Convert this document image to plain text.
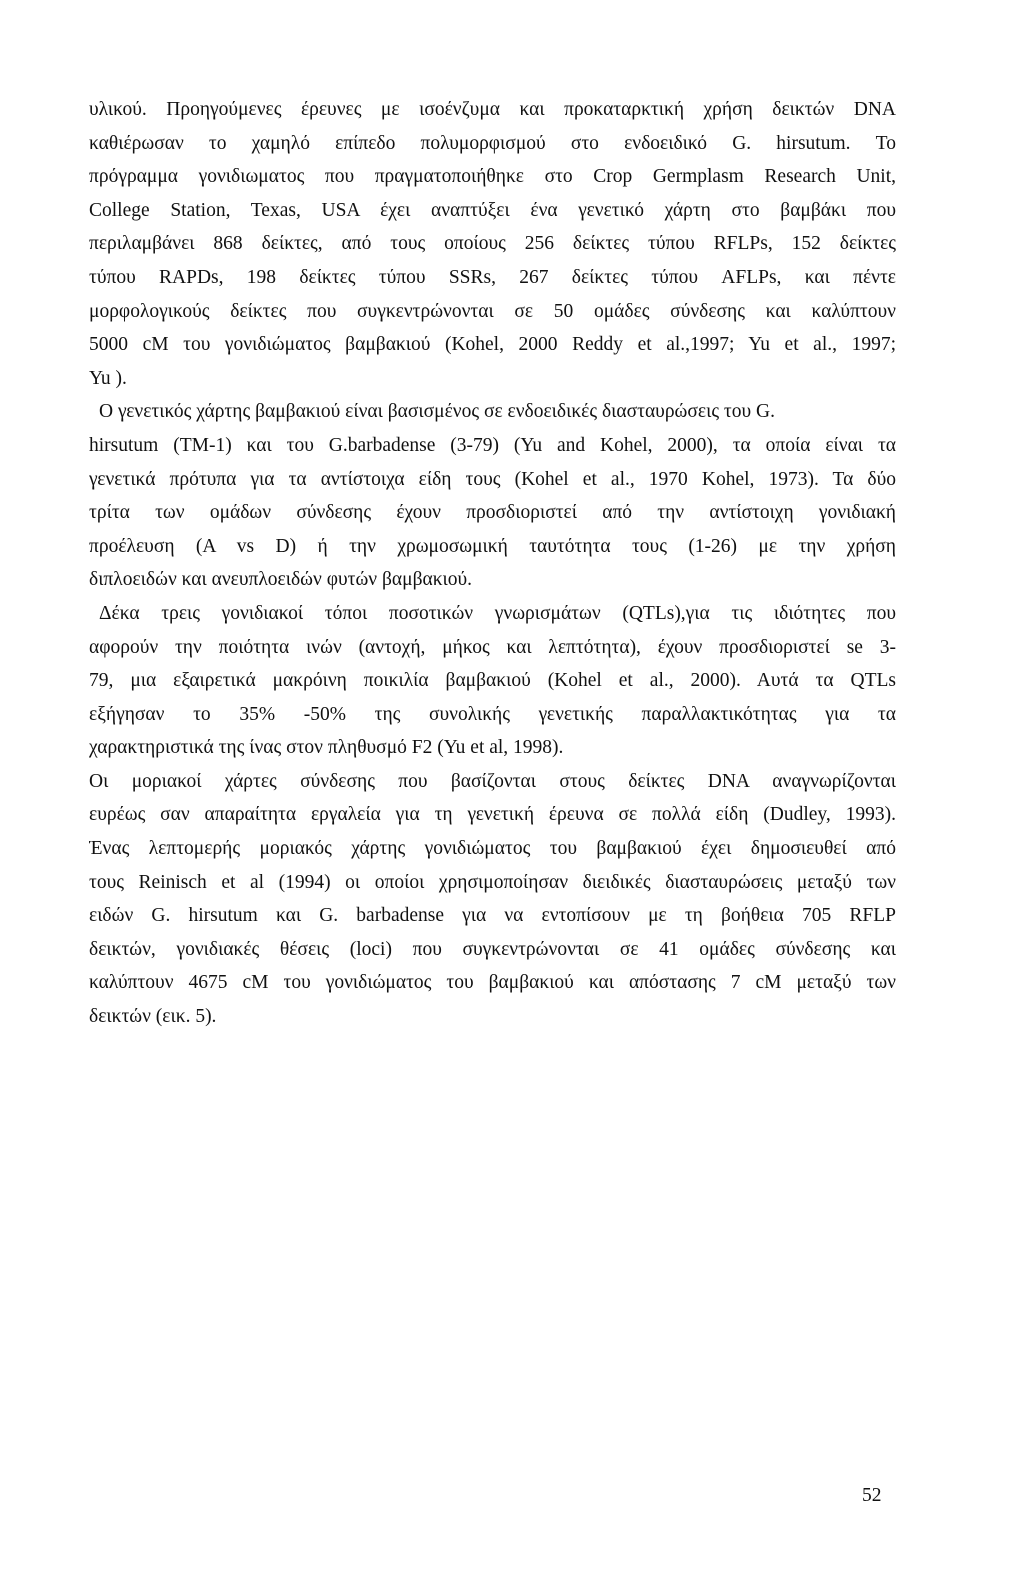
υλικού. Προηγούμενες έρευνες με ισοένζυμα και προκαταρκτική χρήση δεικτών DNA
καθιέρωσαν το χαμηλό επίπεδο πολυμορφισμού στο ενδοειδικό G. hirsutum. Το
πρόγραμμα γονιδιωματος που πραγματοποιήθηκε στο Crop Germplasm Research Unit,
College Station, Texas, USA έχει αναπτύξει ένα γενετικό χάρτη στο βαμβάκι που
περιλαμβάνει 868 δείκτες, από τους οποίους 256 δείκτες τύπου RFLPs, 152 δείκτες
τύπου RAPDs, 198 δείκτες τύπου SSRs, 267 δείκτες τύπου AFLPs, και πέντε
μορφολογικούς δείκτες που συγκεντρώνονται σε 50 ομάδες σύνδεσης και καλύπτουν
5000 cM του γονιδιώματος βαμβακιού (Kohel, 2000 Reddy et al.,1997; Yu et al., 1997;
Yu ).
Ο γενετικός χάρτης βαμβακιού είναι βασισμένος σε ενδοειδικές διασταυρώσεις του G.
hirsutum (TM-1) και του G.barbadense (3-79) (Yu and Kohel, 2000), τα οποία είναι τα
γενετικά πρότυπα για τα αντίστοιχα είδη τους (Kohel et al., 1970 Kohel, 1973). Τα δύο
τρίτα των ομάδων σύνδεσης έχουν προσδιοριστεί από την αντίστοιχη γονιδιακή
προέλευση (A vs D) ή την χρωμοσωμική ταυτότητα τους (1-26) με την χρήση
διπλοειδών και ανευπλοειδών φυτών βαμβακιού.
Δέκα τρεις γονιδιακοί τόποι ποσοτικών γνωρισμάτων (QTLs),για τις ιδιότητες που
αφορούν την ποιότητα ινών (αντοχή, μήκος και λεπτότητα), έχουν προσδιοριστεί se 3-
79, μια εξαιρετικά μακρόινη ποικιλία βαμβακιού (Kohel et al., 2000). Αυτά τα QTLs
εξήγησαν το 35% -50% της συνολικής γενετικής παραλλακτικότητας για τα
χαρακτηριστικά της ίνας στον πληθυσμό F2 (Yu et al, 1998).
Οι μοριακοί χάρτες σύνδεσης που βασίζονται στους δείκτες DNA αναγνωρίζονται
ευρέως σαν απαραίτητα εργαλεία για τη γενετική έρευνα σε πολλά είδη (Dudley, 1993).
Ένας λεπτομερής μοριακός χάρτης γονιδιώματος του βαμβακιού έχει δημοσιευθεί από
τους Reinisch et al (1994) οι οποίοι χρησιμοποίησαν διειδικές διασταυρώσεις μεταξύ των
ειδών G. hirsutum και G. barbadense για να εντοπίσουν με τη βοήθεια 705 RFLP
δεικτών, γονιδιακές θέσεις (loci) που συγκεντρώνονται σε 41 ομάδες σύνδεσης και
καλύπτουν 4675 cM του γονιδιώματος του βαμβακιού και απόστασης 7 cM μεταξύ των
δεικτών (εικ. 5).
52
